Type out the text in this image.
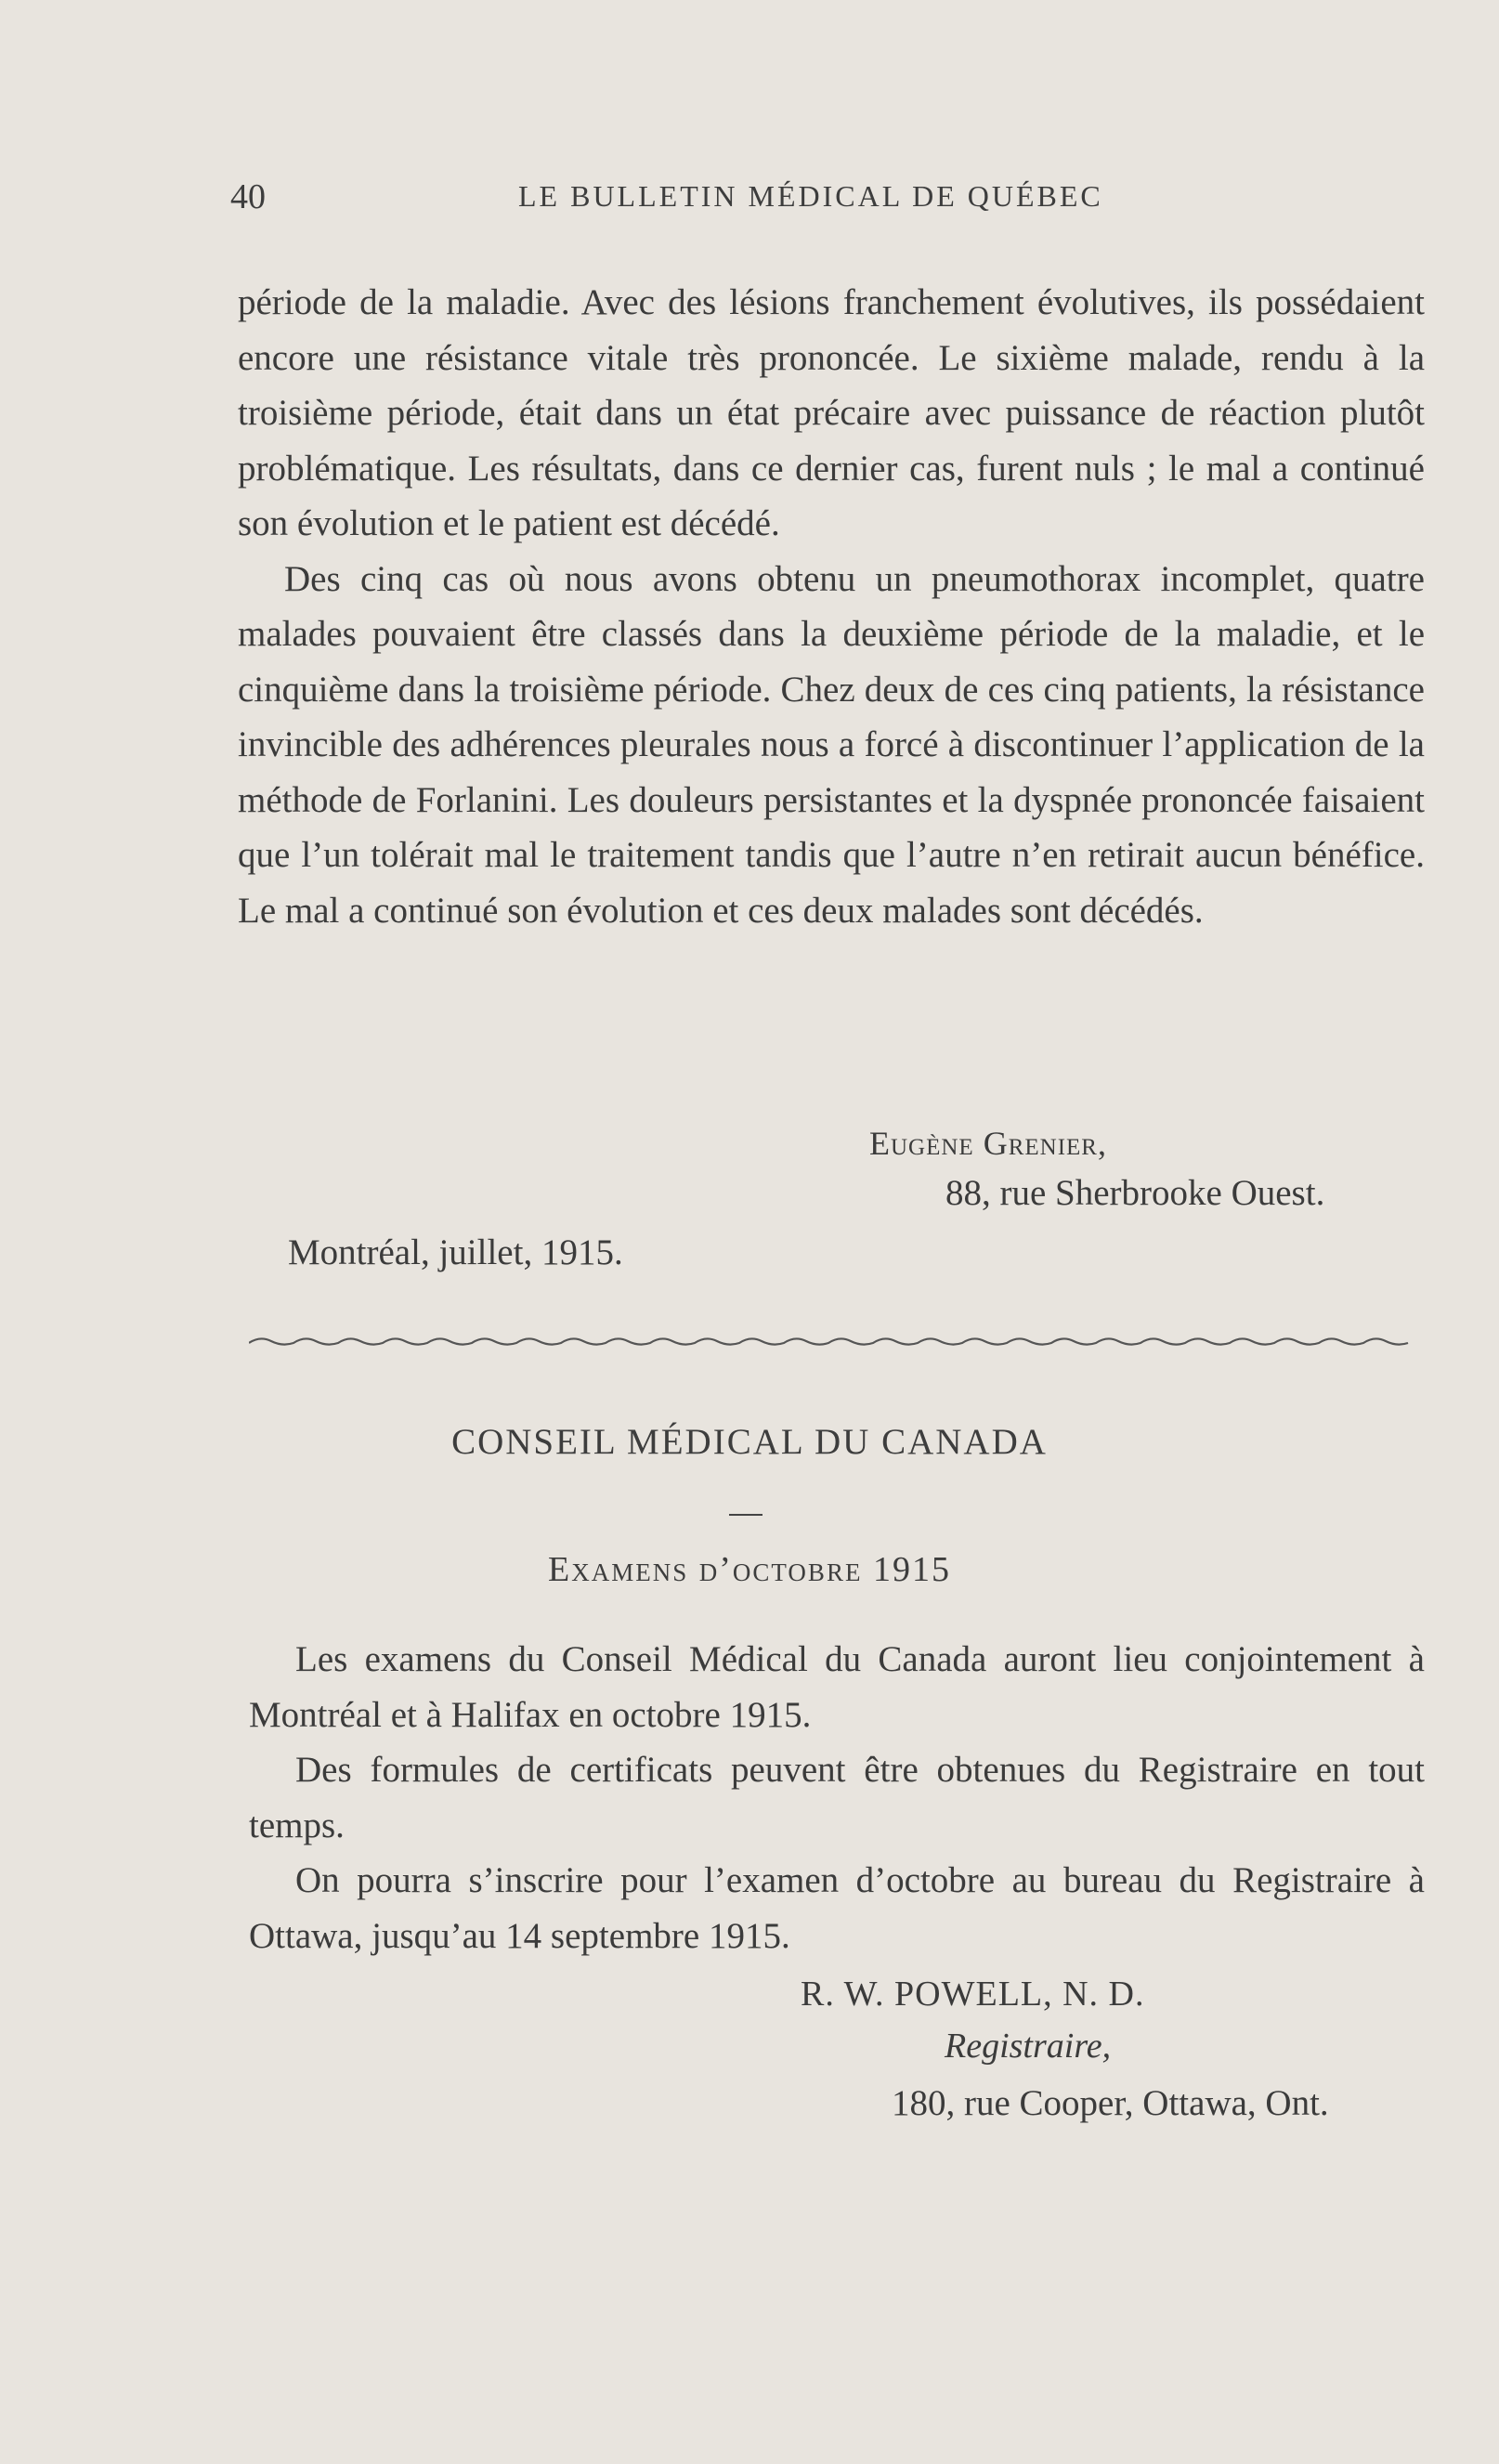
40	LE BULLETIN MÉDICAL DE QUÉBEC

période de la maladie. Avec des lésions franchement évolutives, ils possédaient encore une résistance vitale très prononcée. Le sixième malade, rendu à la troisième période, était dans un état précaire avec puissance de réaction plutôt problématique. Les résultats, dans ce dernier cas, furent nuls ; le mal a continué son évolution et le patient est décédé.

Des cinq cas où nous avons obtenu un pneumothorax incomplet, quatre malades pouvaient être classés dans la deuxième période de la maladie, et le cinquième dans la troisième période. Chez deux de ces cinq patients, la résistance invincible des adhérences pleurales nous a forcé à discontinuer l’application de la méthode de Forlanini. Les douleurs persistantes et la dyspnée prononcée faisaient que l’un tolérait mal le traitement tandis que l’autre n’en retirait aucun bénéfice. Le mal a continué son évolution et ces deux malades sont décédés.

Eugène Grenier,
88, rue Sherbrooke Ouest.
Montréal, juillet, 1915.
CONSEIL MÉDICAL DU CANADA
Examens d’octobre 1915

Les examens du Conseil Médical du Canada auront lieu conjointement à Montréal et à Halifax en octobre 1915.

Des formules de certificats peuvent être obtenues du Registraire en tout temps.

On pourra s’inscrire pour l’examen d’octobre au bureau du Registraire à Ottawa, jusqu’au 14 septembre 1915.

R. W. POWELL, N. D.
Registraire,
180, rue Cooper, Ottawa, Ont.
